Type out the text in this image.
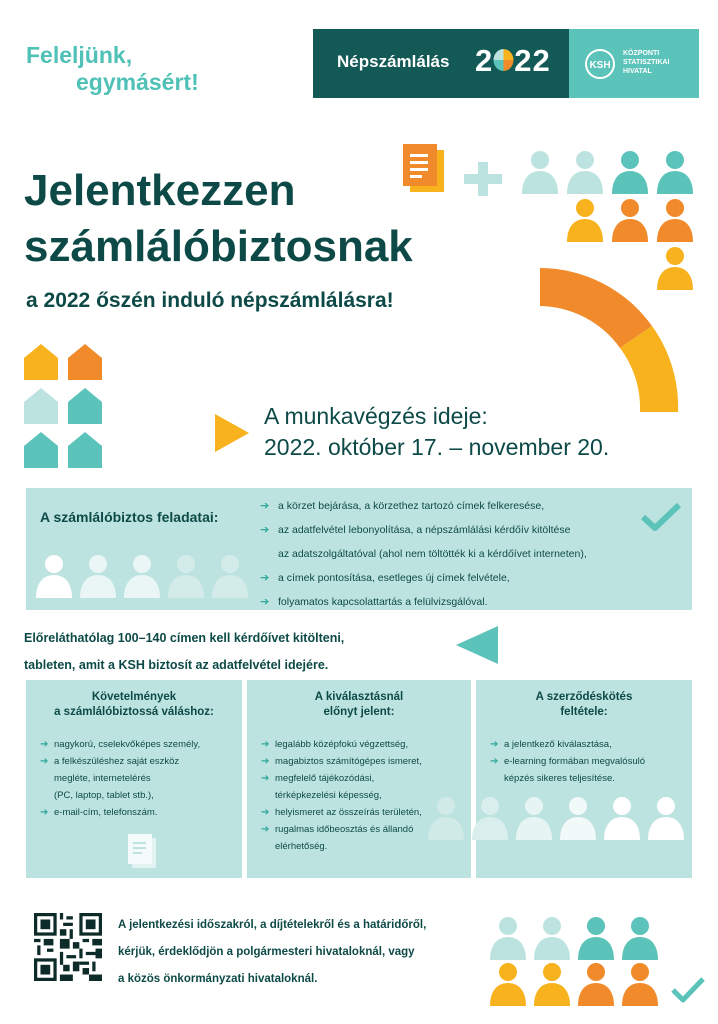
Feleljünk,
egymásért!
Népszámlálás 2 22	KSH
KÖZPONTI
STATISZTIKAI
HIVATAL
Jelentkezzen
számlálóbiztosnak
a 2022 őszén induló népszámlálásra!
A munkavégzés ideje:
2022. október 17. – november 20.
A számlálóbiztos feladatai:
➔ a körzet bejárása, a körzethez tartozó címek felkeresése,
➔ az adatfelvétel lebonyolítása, a népszámlálási kérdőív kitöltése
az adatszolgáltatóval (ahol nem töltötték ki a kérdőívet interneten),
➔ a címek pontosítása, esetleges új címek felvétele,
➔ folyamatos kapcsolattartás a felülvizsgálóval.
Előreláthatólag 100–140 címen kell kérdőívet kitölteni,
tableten, amit a KSH biztosít az adatfelvétel idejére.
Követelmények
a számlálóbiztossá váláshoz:
➔ nagykorú, cselekvőképes személy,
➔ a felkészüléshez saját eszköz
megléte, internetelérés
(PC, laptop, tablet stb.),
➔ e-mail-cím, telefonszám.
A kiválasztásnál
előnyt jelent:
➔ legalább középfokú végzettség,
➔ magabiztos számítógépes ismeret,
➔ megfelelő tájékozódási,
térképkezelési képesség,
➔ helyismeret az összeírás területén,
➔ rugalmas időbeosztás és állandó
elérhetőség.
A szerződéskötés
feltétele:
➔ a jelentkező kiválasztása,
➔ e-learning formában megvalósuló
képzés sikeres teljesítése.
A jelentkezési időszakról, a díjtételekről és a határidőről,
kérjük, érdeklődjön a polgármesteri hivataloknál, vagy
a közös önkormányzati hivataloknál.
